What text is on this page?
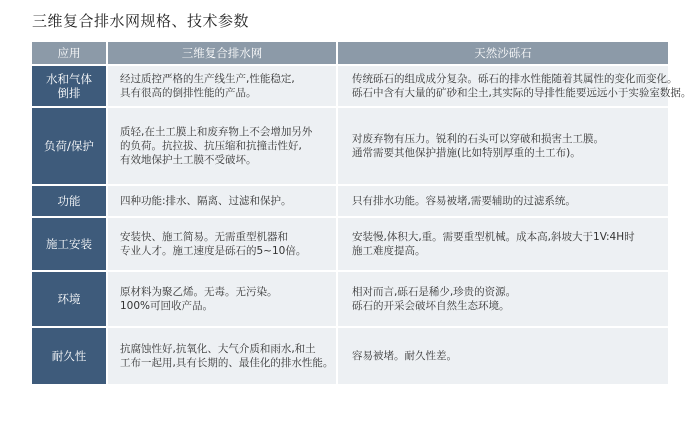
三维复合排水网规格、技术参数
应用	三维复合排水网	天然沙砾石

水和气体
倒排	经过质控严格的生产线生产,性能稳定,
具有很高的倒排性能的产品。	传统砾石的组成成分复杂。砾石的排水性能随着其属性的变化而变化。
砾石中含有大量的矿砂和尘土,其实际的导排性能要远远小于实验室数据。

负荷/保护	质轻,在土工膜上和废弃物上不会增加另外
的负荷。抗拉拔、抗压缩和抗撞击性好,
有效地保护土工膜不受破坏。	对废弃物有压力。锐利的石头可以穿破和损害土工膜。
通常需要其他保护措施(比如特别厚重的土工布)。

功能	四种功能:排水、隔离、过滤和保护。	只有排水功能。容易被堵,需要辅助的过滤系统。

施工安装	安装快、施工简易。无需重型机器和
专业人才。施工速度是砾石的5~10倍。	安装慢,体积大,重。需要重型机械。成本高,斜坡大于1V:4H时
施工难度提高。

环境	原材料为聚乙烯。无毒。无污染。
100%可回收产品。	相对而言,砾石是稀少,珍贵的资源。
砾石的开采会破坏自然生态环境。

耐久性	抗腐蚀性好,抗氧化、大气介质和雨水,和土
工布一起用,具有长期的、最佳化的排水性能。	容易被堵。耐久性差。
